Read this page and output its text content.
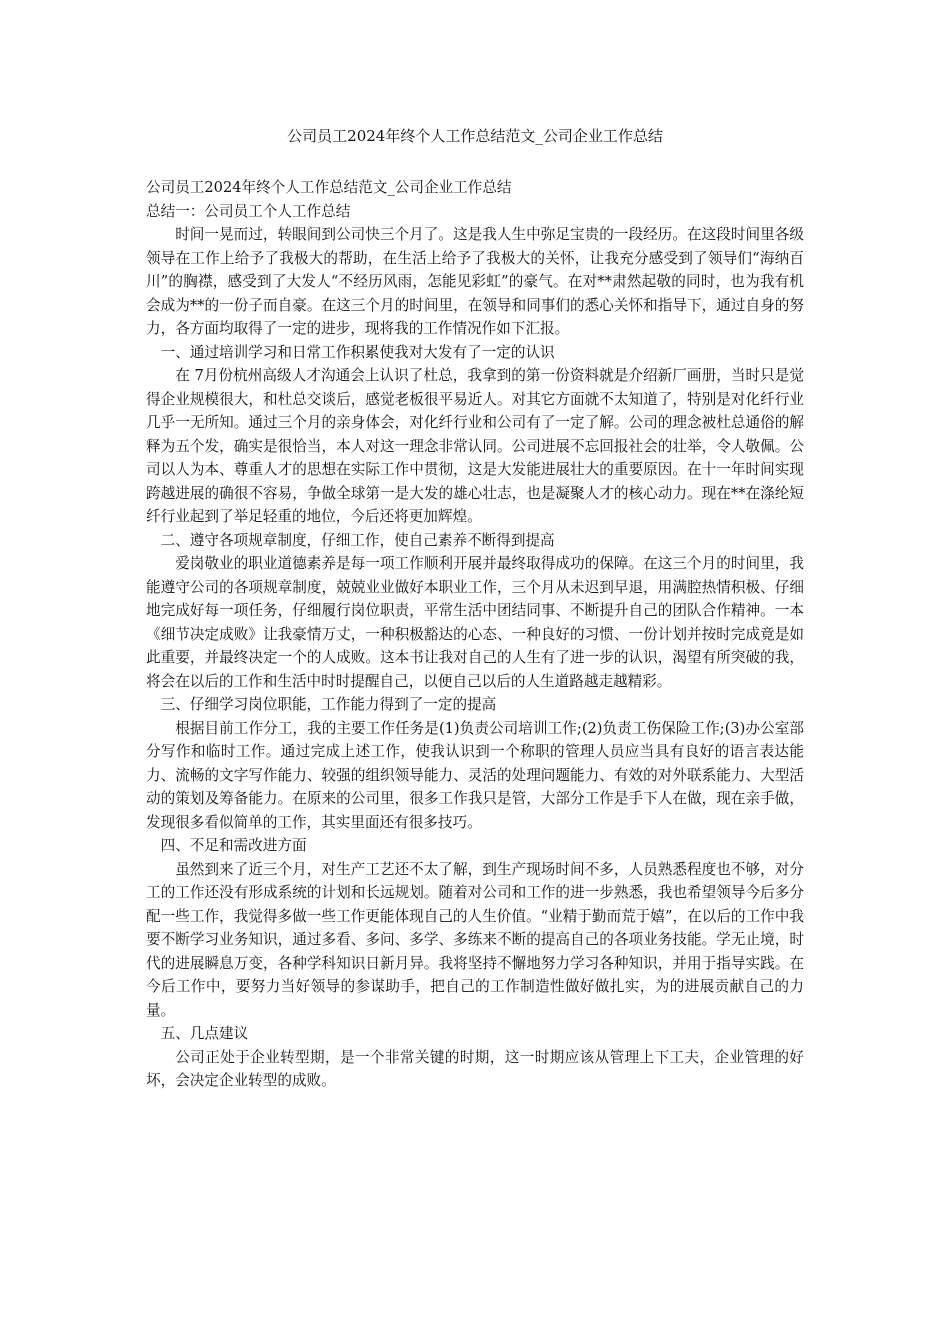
公司员工2024年终个人工作总结范文_公司企业工作总结

公司员工2024年终个人工作总结范文_公司企业工作总结

总结一：公司员工个人工作总结

时间一晃而过，转眼间到公司快三个月了。这是我人生中弥足宝贵的一段经历。在这段时间里各级领导在工作上给予了我极大的帮助，在生活上给予了我极大的关怀，让我充分感受到了领导们“海纳百川”的胸襟，感受到了大发人“不经历风雨，怎能见彩虹”的豪气。在对**肃然起敬的同时，也为我有机会成为**的一份子而自豪。在这三个月的时间里，在领导和同事们的悉心关怀和指导下，通过自身的努力，各方面均取得了一定的进步，现将我的工作情况作如下汇报。

一、通过培训学习和日常工作积累使我对大发有了一定的认识

在 7月份杭州高级人才沟通会上认识了杜总，我拿到的第一份资料就是介绍新厂画册，当时只是觉得企业规模很大，和杜总交谈后，感觉老板很平易近人。对其它方面就不太知道了，特别是对化纤行业几乎一无所知。通过三个月的亲身体会，对化纤行业和公司有了一定了解。公司的理念被杜总通俗的解释为五个发，确实是很恰当，本人对这一理念非常认同。公司进展不忘回报社会的壮举，令人敬佩。公司以人为本、尊重人才的思想在实际工作中贯彻，这是大发能进展壮大的重要原因。在十一年时间实现跨越进展的确很不容易，争做全球第一是大发的雄心壮志，也是凝聚人才的核心动力。现在**在涤纶短纤行业起到了举足轻重的地位，今后还将更加辉煌。

二、遵守各项规章制度，仔细工作，使自己素养不断得到提高

爱岗敬业的职业道德素养是每一项工作顺利开展并最终取得成功的保障。在这三个月的时间里，我能遵守公司的各项规章制度，兢兢业业做好本职业工作，三个月从未迟到早退，用满腔热情积极、仔细地完成好每一项任务，仔细履行岗位职责，平常生活中团结同事、不断提升自己的团队合作精神。一本《细节决定成败》让我豪情万丈，一种积极豁达的心态、一种良好的习惯、一份计划并按时完成竟是如此重要，并最终决定一个的人成败。这本书让我对自己的人生有了进一步的认识，渴望有所突破的我，将会在以后的工作和生活中时时提醒自己，以便自己以后的人生道路越走越精彩。

三、仔细学习岗位职能，工作能力得到了一定的提高

根据目前工作分工，我的主要工作任务是(1)负责公司培训工作;(2)负责工伤保险工作;(3)办公室部分写作和临时工作。通过完成上述工作，使我认识到一个称职的管理人员应当具有良好的语言表达能力、流畅的文字写作能力、较强的组织领导能力、灵活的处理问题能力、有效的对外联系能力、大型活动的策划及筹备能力。在原来的公司里，很多工作我只是管，大部分工作是手下人在做，现在亲手做，发现很多看似简单的工作，其实里面还有很多技巧。

四、不足和需改进方面

虽然到来了近三个月，对生产工艺还不太了解，到生产现场时间不多，人员熟悉程度也不够，对分工的工作还没有形成系统的计划和长远规划。随着对公司和工作的进一步熟悉，我也希望领导今后多分配一些工作，我觉得多做一些工作更能体现自己的人生价值。“业精于勤而荒于嬉”，在以后的工作中我要不断学习业务知识，通过多看、多问、多学、多练来不断的提高自己的各项业务技能。学无止境，时代的进展瞬息万变，各种学科知识日新月异。我将坚持不懈地努力学习各种知识，并用于指导实践。在今后工作中，要努力当好领导的参谋助手，把自己的工作制造性做好做扎实，为的进展贡献自己的力量。

五、几点建议

公司正处于企业转型期，是一个非常关键的时期，这一时期应该从管理上下工夫，企业管理的好坏，会决定企业转型的成败。
